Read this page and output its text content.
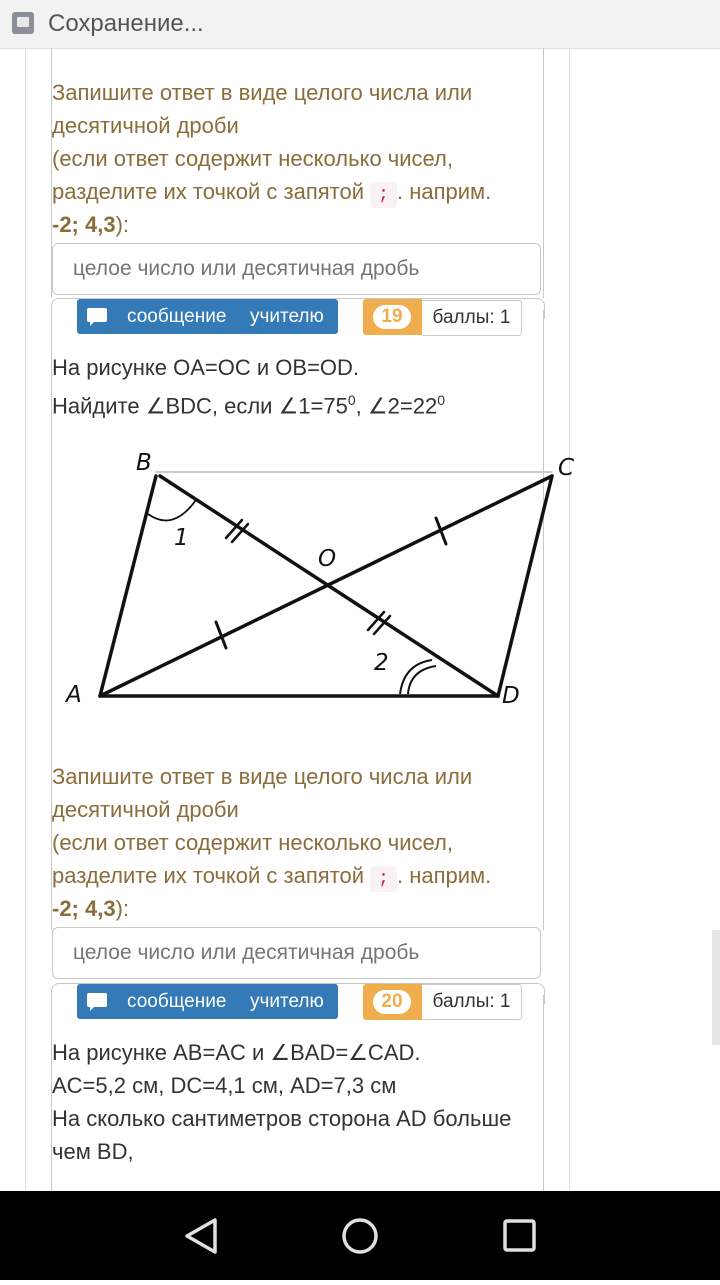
Сохранение...
Запишите ответ в виде целого числа или
десятичной дроби
(если ответ содержит несколько чисел,
разделите их точкой с запятой ; . наприм.
-2; 4,3):
целое число или десятичная дробь
сообщение учителю	19	баллы: 1
На рисунке OA=OC и OB=OD.
Найдите ∠BDC, если $\angle 1=75^0$, $\angle 2=22^0$
B	C
A	D
O
1
2
Запишите ответ в виде целого числа или
десятичной дроби
(если ответ содержит несколько чисел,
разделите их точкой с запятой ; . наприм.
-2; 4,3):
целое число или десятичная дробь
сообщение учителю	20	баллы: 1
На рисунке AB=AC и ∠BAD=∠CAD.
AC=5,2 см, DC=4,1 см, AD=7,3 см
На сколько сантиметров сторона AD больше
чем BD,
